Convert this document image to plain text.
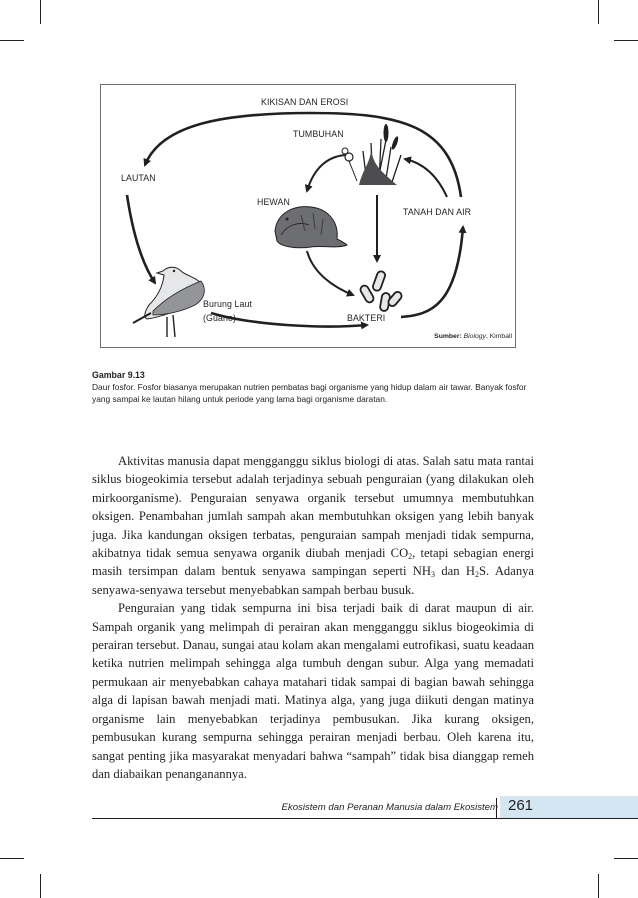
KIKISAN DAN EROSI
TUMBUHAN
LAUTAN
HEWAN
TANAH DAN AIR
Burung Laut
(Guano)	BAKTERI
Sumber: Biology, Kimball
Gambar 9.13
Daur fosfor. Fosfor biasanya merupakan nutrien pembatas bagi organisme yang hidup dalam air tawar. Banyak fosfor yang sampai ke lautan hilang untuk periode yang lama bagi organisme daratan.

Aktivitas manusia dapat mengganggu siklus biologi di atas. Salah satu mata rantai siklus biogeokimia tersebut adalah terjadinya sebuah penguraian (yang dilakukan oleh mirkoorganisme). Penguraian senyawa organik tersebut umumnya membutuhkan oksigen. Penambahan jumlah sampah akan membutuhkan oksigen yang lebih banyak juga. Jika kandungan oksigen terbatas, penguraian sampah menjadi tidak sempurna, akibatnya tidak semua senyawa organik diubah menjadi $CO_2$, tetapi sebagian energi masih tersimpan dalam bentuk senyawa sampingan seperti $NH_3$ dan $H_2S$. Adanya senyawa-senyawa tersebut menyebabkan sampah berbau busuk.

Penguraian yang tidak sempurna ini bisa terjadi baik di darat maupun di air. Sampah organik yang melimpah di perairan akan mengganggu siklus biogeokimia di perairan tersebut. Danau, sungai atau kolam akan mengalami eutrofikasi, suatu keadaan ketika nutrien melimpah sehingga alga tumbuh dengan subur. Alga yang memadati permukaan air menyebabkan cahaya matahari tidak sampai di bagian bawah sehingga alga di lapisan bawah menjadi mati. Matinya alga, yang juga diikuti dengan matinya organisme lain menyebabkan terjadinya pembusukan. Jika kurang oksigen, pembusukan kurang sempurna sehingga perairan menjadi berbau. Oleh karena itu, sangat penting jika masyarakat menyadari bahwa “sampah” tidak bisa dianggap remeh dan diabaikan penanganannya.

Ekosistem dan Peranan Manusia dalam Ekosistem 261
